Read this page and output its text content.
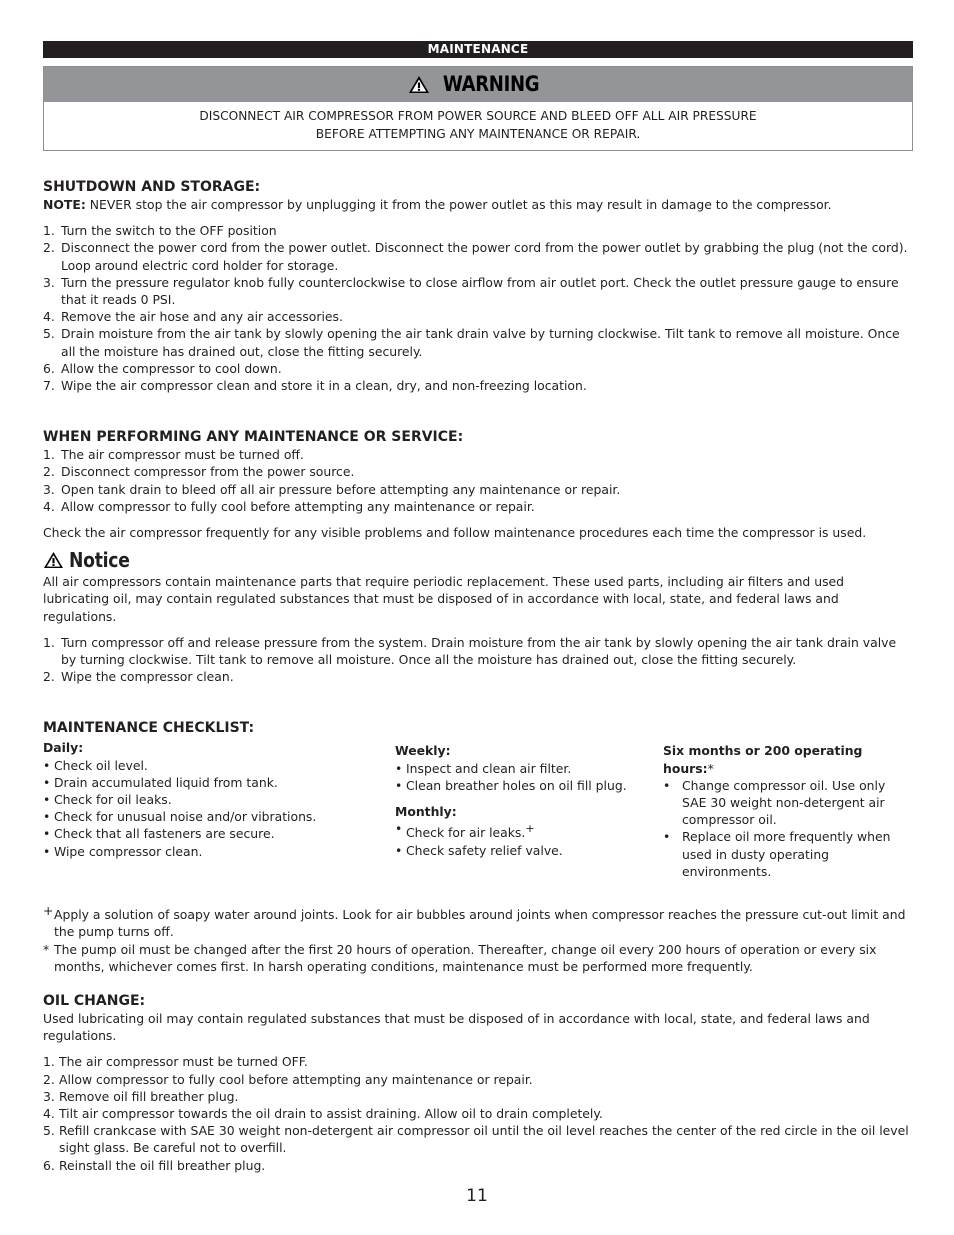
MAINTENANCE
WARNING
DISCONNECT AIR COMPRESSOR FROM POWER SOURCE AND BLEED OFF ALL AIR PRESSURE
BEFORE ATTEMPTING ANY MAINTENANCE OR REPAIR.
SHUTDOWN AND STORAGE:

NOTE: NEVER stop the air compressor by unplugging it from the power outlet as this may result in damage to the compressor.

1. Turn the switch to the OFF position
2. Disconnect the power cord from the power outlet. Disconnect the power cord from the power outlet by grabbing the plug (not the cord). Loop around electric cord holder for storage.
3. Turn the pressure regulator knob fully counterclockwise to close airflow from air outlet port. Check the outlet pressure gauge to ensure that it reads 0 PSI.
4. Remove the air hose and any air accessories.
5. Drain moisture from the air tank by slowly opening the air tank drain valve by turning clockwise. Tilt tank to remove all moisture. Once all the moisture has drained out, close the fitting securely.
6. Allow the compressor to cool down.
7. Wipe the air compressor clean and store it in a clean, dry, and non-freezing location.
WHEN PERFORMING ANY MAINTENANCE OR SERVICE:
1. The air compressor must be turned off.
2. Disconnect compressor from the power source.
3. Open tank drain to bleed off all air pressure before attempting any maintenance or repair.
4. Allow compressor to fully cool before attempting any maintenance or repair.

Check the air compressor frequently for any visible problems and follow maintenance procedures each time the compressor is used.

Notice

All air compressors contain maintenance parts that require periodic replacement. These used parts, including air filters and used lubricating oil, may contain regulated substances that must be disposed of in accordance with local, state, and federal laws and regulations.

1. Turn compressor off and release pressure from the system. Drain moisture from the air tank by slowly opening the air tank drain valve by turning clockwise. Tilt tank to remove all moisture. Once all the moisture has drained out, close the fitting securely.
2. Wipe the compressor clean.
MAINTENANCE CHECKLIST:
Daily:
• Check oil level.
• Drain accumulated liquid from tank.
• Check for oil leaks.
• Check for unusual noise and/or vibrations.
• Check that all fasteners are secure.
• Wipe compressor clean.
Weekly:
• Inspect and clean air filter.
• Clean breather holes on oil fill plug.
Monthly:
• Check for air leaks.+
• Check safety relief valve.
Six months or 200 operating hours:*
• Change compressor oil. Use only SAE 30 weight non-detergent air compressor oil.
• Replace oil more frequently when used in dusty operating environments.
+ Apply a solution of soapy water around joints. Look for air bubbles around joints when compressor reaches the pressure cut-out limit and the pump turns off.
* The pump oil must be changed after the first 20 hours of operation. Thereafter, change oil every 200 hours of operation or every six months, whichever comes first. In harsh operating conditions, maintenance must be performed more frequently.
OIL CHANGE:

Used lubricating oil may contain regulated substances that must be disposed of in accordance with local, state, and federal laws and regulations.

1. The air compressor must be turned OFF.
2. Allow compressor to fully cool before attempting any maintenance or repair.
3. Remove oil fill breather plug.
4. Tilt air compressor towards the oil drain to assist draining. Allow oil to drain completely.
5. Refill crankcase with SAE 30 weight non-detergent air compressor oil until the oil level reaches the center of the red circle in the oil level sight glass. Be careful not to overfill.
6. Reinstall the oil fill breather plug.
11
